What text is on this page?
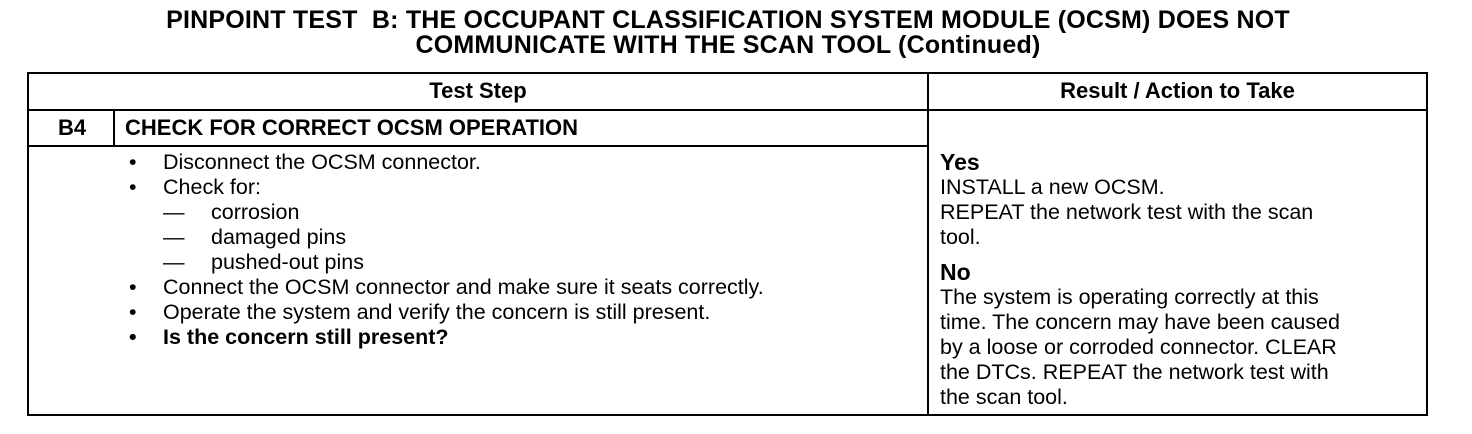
PINPOINT TEST  B: THE OCCUPANT CLASSIFICATION SYSTEM MODULE (OCSM) DOES NOT
COMMUNICATE WITH THE SCAN TOOL (Continued)
Test Step	Result / Action to Take
B4	CHECK FOR CORRECT OCSM OPERATION
• Disconnect the OCSM connector.
• Check for:
— corrosion
— damaged pins
— pushed-out pins
• Connect the OCSM connector and make sure it seats correctly.
• Operate the system and verify the concern is still present.
• Is the concern still present?
Yes
INSTALL a new OCSM.
REPEAT the network test with the scan
tool.
No
The system is operating correctly at this
time. The concern may have been caused
by a loose or corroded connector. CLEAR
the DTCs. REPEAT the network test with
the scan tool.
